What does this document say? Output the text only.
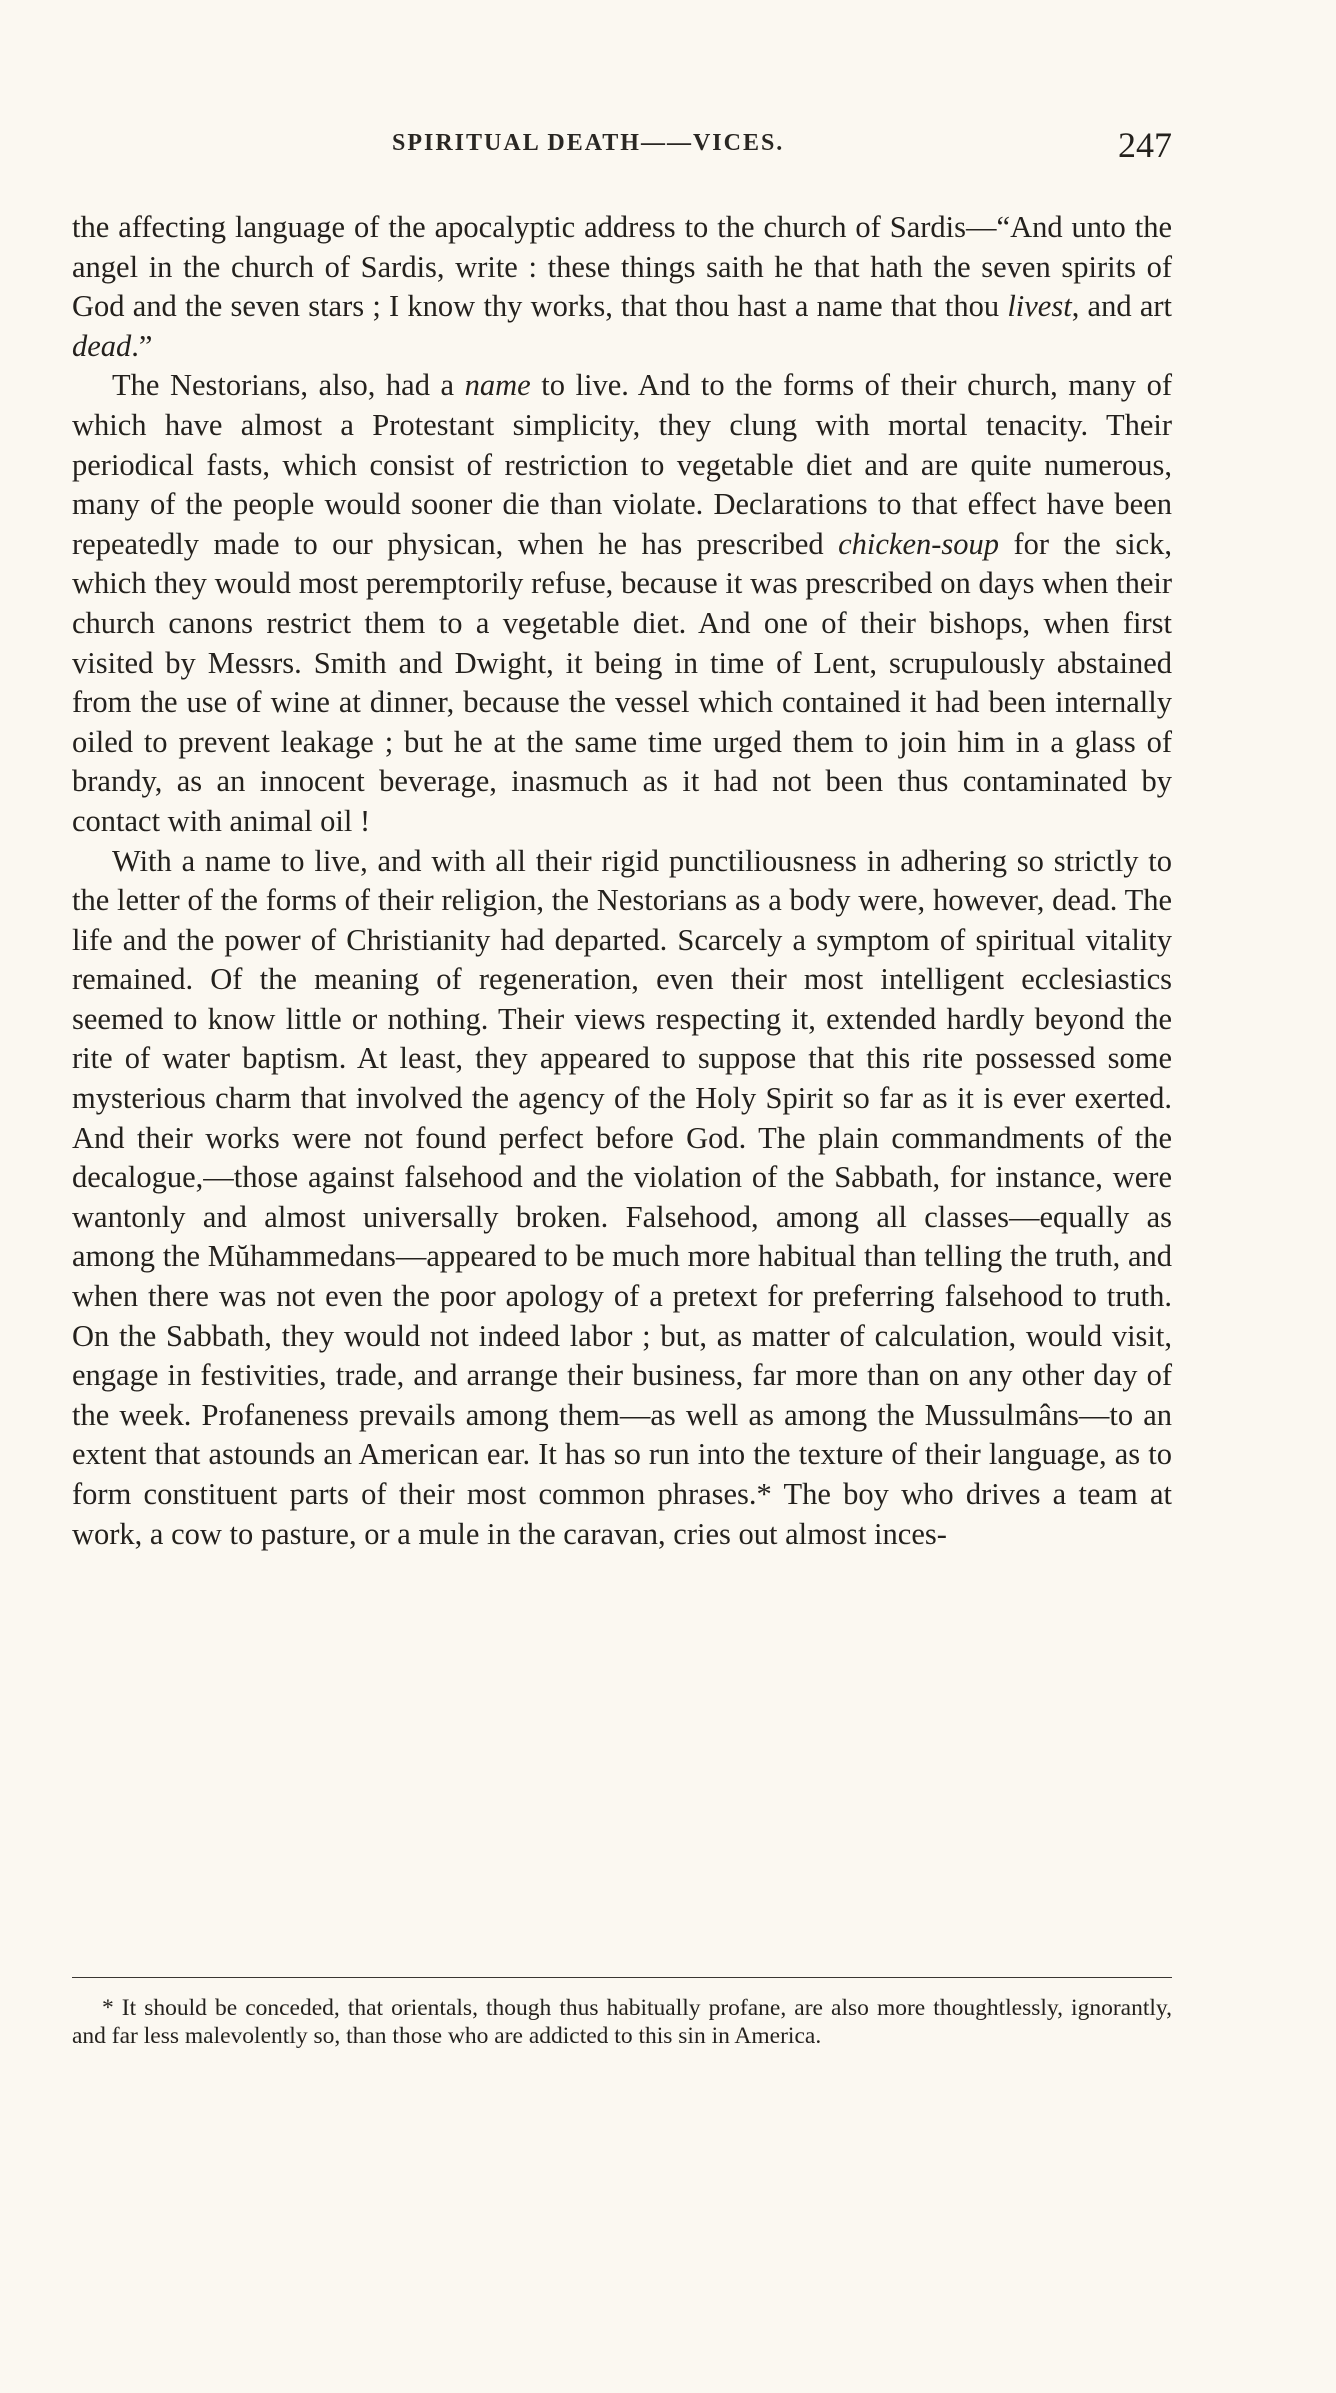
SPIRITUAL DEATH——VICES.	247

the affecting language of the apocalyptic address to the church of Sardis—“And unto the angel in the church of Sardis, write : these things saith he that hath the seven spirits of God and the seven stars ; I know thy works, that thou hast a name that thou livest, and art dead.”

The Nestorians, also, had a name to live. And to the forms of their church, many of which have almost a Protestant simplicity, they clung with mortal tenacity. Their periodical fasts, which consist of restriction to vegetable diet and are quite numerous, many of the people would sooner die than violate. Declarations to that effect have been repeatedly made to our physican, when he has prescribed chicken-soup for the sick, which they would most peremptorily refuse, because it was prescribed on days when their church canons restrict them to a vegetable diet. And one of their bishops, when first visited by Messrs. Smith and Dwight, it being in time of Lent, scrupulously abstained from the use of wine at dinner, because the vessel which contained it had been internally oiled to prevent leakage ; but he at the same time urged them to join him in a glass of brandy, as an innocent beverage, inasmuch as it had not been thus contaminated by contact with animal oil !

With a name to live, and with all their rigid punctiliousness in adhering so strictly to the letter of the forms of their religion, the Nestorians as a body were, however, dead. The life and the power of Christianity had departed. Scarcely a symptom of spiritual vitality remained. Of the meaning of regeneration, even their most intelligent ecclesiastics seemed to know little or nothing. Their views respecting it, extended hardly beyond the rite of water baptism. At least, they appeared to suppose that this rite possessed some mysterious charm that involved the agency of the Holy Spirit so far as it is ever exerted. And their works were not found perfect before God. The plain commandments of the decalogue,—those against falsehood and the violation of the Sabbath, for instance, were wantonly and almost universally broken. Falsehood, among all classes—equally as among the Mŭhammedans—appeared to be much more habitual than telling the truth, and when there was not even the poor apology of a pretext for preferring falsehood to truth. On the Sabbath, they would not indeed labor ; but, as matter of calculation, would visit, engage in festivities, trade, and arrange their business, far more than on any other day of the week. Profaneness prevails among them—as well as among the Mussulmâns—to an extent that astounds an American ear. It has so run into the texture of their language, as to form constituent parts of their most common phrases.* The boy who drives a team at work, a cow to pasture, or a mule in the caravan, cries out almost inces-

* It should be conceded, that orientals, though thus habitually profane, are also more thoughtlessly, ignorantly, and far less malevolently so, than those who are addicted to this sin in America.
